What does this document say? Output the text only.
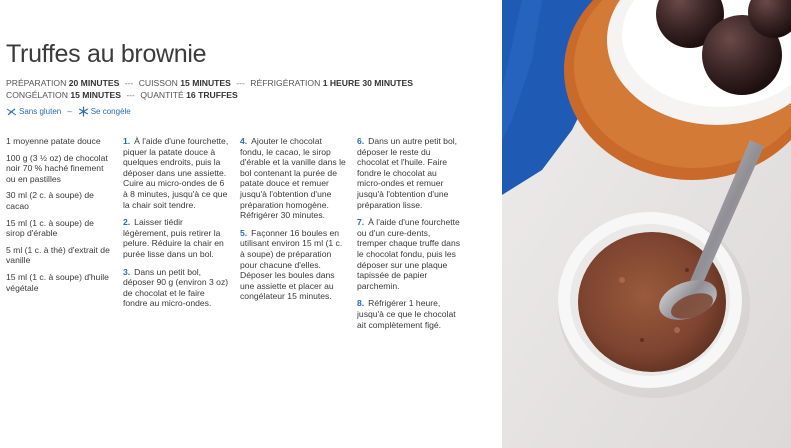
Truffes au brownie
PRÉPARATION 20 MINUTES --- CUISSON 15 MINUTES --- RÉFRIGÉRATION 1 HEURE 30 MINUTES
CONGÉLATION 15 MINUTES --- QUANTITÉ 16 TRUFFES
Sans gluten – Se congèle
1 moyenne patate douce
100 g (3 ½ oz) de chocolat noir 70 % haché finement ou en pastilles
30 ml (2 c. à soupe) de cacao
15 ml (1 c. à soupe) de sirop d'érable
5 ml (1 c. à thé) d'extrait de vanille
15 ml (1 c. à soupe) d'huile végétale
1. À l'aide d'une fourchette, piquer la patate douce à quelques endroits, puis la déposer dans une assiette. Cuire au micro-ondes de 6 à 8 minutes, jusqu'à ce que la chair soit tendre.
2. Laisser tiédir légèrement, puis retirer la pelure. Réduire la chair en purée lisse dans un bol.
3. Dans un petit bol, déposer 90 g (environ 3 oz) de chocolat et le faire fondre au micro-ondes.
4. Ajouter le chocolat fondu, le cacao, le sirop d'érable et la vanille dans le bol contenant la purée de patate douce et remuer jusqu'à l'obtention d'une préparation homogène. Réfrigérer 30 minutes.
5. Façonner 16 boules en utilisant environ 15 ml (1 c. à soupe) de préparation pour chacune d'elles. Déposer les boules dans une assiette et placer au congélateur 15 minutes.
6. Dans un autre petit bol, déposer le reste du chocolat et l'huile. Faire fondre le chocolat au micro-ondes et remuer jusqu'à l'obtention d'une préparation lisse.
7. À l'aide d'une fourchette ou d'un cure-dents, tremper chaque truffe dans le chocolat fondu, puis les déposer sur une plaque tapissée de papier parchemin.
8. Réfrigérer 1 heure, jusqu'à ce que le chocolat ait complètement figé.
